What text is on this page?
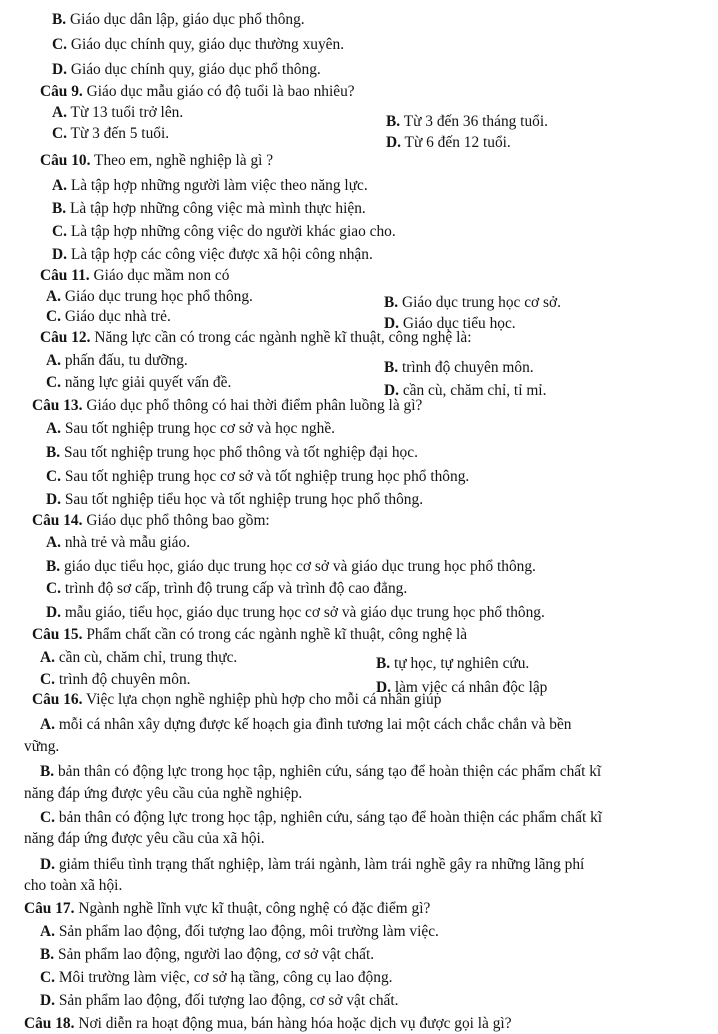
B. Giáo dục dân lập, giáo dục phổ thông.
C. Giáo dục chính quy, giáo dục thường xuyên.
D. Giáo dục chính quy, giáo dục phổ thông.
Câu 9. Giáo dục mẫu giáo có độ tuổi là bao nhiêu?
A. Từ 13 tuổi trở lên.
B. Từ 3 đến 36 tháng tuổi.
C. Từ 3 đến 5 tuổi.
D. Từ 6 đến 12 tuổi.
Câu 10. Theo em, nghề nghiệp là gì ?
A. Là tập hợp những người làm việc theo năng lực.
B. Là tập hợp những công việc mà mình thực hiện.
C. Là tập hợp những công việc do người khác giao cho.
D. Là tập hợp các công việc được xã hội công nhận.
Câu 11. Giáo dục mầm non có
A. Giáo dục trung học phổ thông.	B. Giáo dục trung học cơ sở.
C. Giáo dục nhà trẻ.	D. Giáo dục tiểu học.
Câu 12. Năng lực cần có trong các ngành nghề kĩ thuật, công nghệ là:
A. phấn đấu, tu dưỡng.	B. trình độ chuyên môn.
C. năng lực giải quyết vấn đề.	D. cần cù, chăm chỉ, tỉ mỉ.
Câu 13. Giáo dục phổ thông có hai thời điểm phân luồng là gì?
A. Sau tốt nghiệp trung học cơ sở và học nghề.
B. Sau tốt nghiệp trung học phổ thông và tốt nghiệp đại học.
C. Sau tốt nghiệp trung học cơ sở và tốt nghiệp trung học phổ thông.
D. Sau tốt nghiệp tiểu học và tốt nghiệp trung học phổ thông.
Câu 14. Giáo dục phổ thông bao gồm:
A. nhà trẻ và mẫu giáo.
B. giáo dục tiểu học, giáo dục trung học cơ sở và giáo dục trung học phổ thông.
C. trình độ sơ cấp, trình độ trung cấp và trình độ cao đẳng.
D. mẫu giáo, tiểu học, giáo dục trung học cơ sở và giáo dục trung học phổ thông.
Câu 15. Phẩm chất cần có trong các ngành nghề kĩ thuật, công nghệ là
A. cần cù, chăm chỉ, trung thực.	B. tự học, tự nghiên cứu.
C. trình độ chuyên môn.	D. làm việc cá nhân độc lập
Câu 16. Việc lựa chọn nghề nghiệp phù hợp cho mỗi cá nhân giúp
A. mỗi cá nhân xây dựng được kế hoạch gia đình tương lai một cách chắc chắn và bền
vững.
B. bản thân có động lực trong học tập, nghiên cứu, sáng tạo để hoàn thiện các phẩm chất kĩ
năng đáp ứng được yêu cầu của nghề nghiệp.
C. bản thân có động lực trong học tập, nghiên cứu, sáng tạo để hoàn thiện các phẩm chất kĩ
năng đáp ứng được yêu cầu của xã hội.
D. giảm thiểu tình trạng thất nghiệp, làm trái ngành, làm trái nghề gây ra những lãng phí
cho toàn xã hội.
Câu 17. Ngành nghề lĩnh vực kĩ thuật, công nghệ có đặc điểm gì?
A. Sản phẩm lao động, đối tượng lao động, môi trường làm việc.
B. Sản phẩm lao động, người lao động, cơ sở vật chất.
C. Môi trường làm việc, cơ sở hạ tầng, công cụ lao động.
D. Sản phẩm lao động, đối tượng lao động, cơ sở vật chất.
Câu 18. Nơi diễn ra hoạt động mua, bán hàng hóa hoặc dịch vụ được gọi là gì?
